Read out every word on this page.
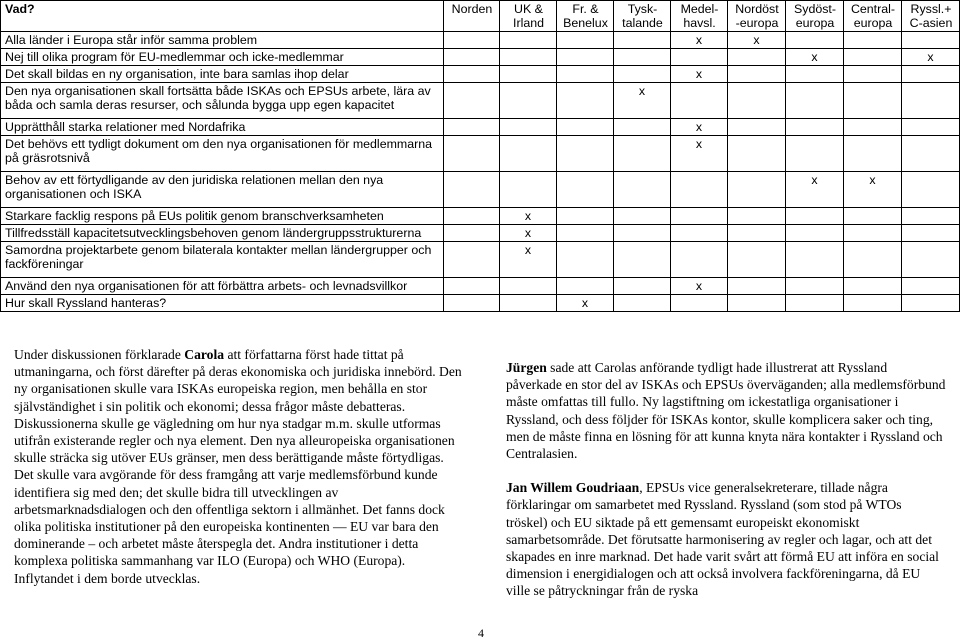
Vad?	Norden	UK & Irland	Fr. & Benelux	Tysk-talande	Medel-havsl.	Nordöst -europa	Sydöst-europa	Central-europa	Ryssl.+ C-asien
Alla länder i Europa står inför samma problem					x	x			
Nej till olika program för EU-medlemmar och icke-medlemmar							x		x
Det skall bildas en ny organisation, inte bara samlas ihop delar					x				
Den nya organisationen skall fortsätta både ISKAs och EPSUs arbete, lära av båda och samla deras resurser, och sålunda bygga upp egen kapacitet				x					
Upprätthåll starka relationer med Nordafrika					x				
Det behövs ett tydligt dokument om den nya organisationen för medlemmarna på gräsrotsnivå					x				
Behov av ett förtydligande av den juridiska relationen mellan den nya organisationen och ISKA							x	x	
Starkare facklig respons på EUs politik genom branschverksamheten		x							
Tillfredsställ kapacitetsutvecklingsbehoven genom ländergruppsstrukturerna		x							
Samordna projektarbete genom bilaterala kontakter mellan ländergrupper och fackföreningar		x							
Använd den nya organisationen för att förbättra arbets- och levnadsvillkor					x				
Hur skall Ryssland hanteras?			x						

Under diskussionen förklarade Carola att författarna först hade tittat på utmaningarna, och först därefter på deras ekonomiska och juridiska innebörd. Den ny organisationen skulle vara ISKAs europeiska region, men behålla en stor självständighet i sin politik och ekonomi; dessa frågor måste debatteras. Diskussionerna skulle ge vägledning om hur nya stadgar m.m. skulle utformas utifrån existerande regler och nya element. Den nya alleuropeiska organisationen skulle sträcka sig utöver EUs gränser, men dess berättigande måste förtydligas. Det skulle vara avgörande för dess framgång att varje medlemsförbund kunde identifiera sig med den; det skulle bidra till utvecklingen av arbetsmarknadsdialogen och den offentliga sektorn i allmänhet. Det fanns dock olika politiska institutioner på den europeiska kontinenten — EU var bara den dominerande – och arbetet måste återspegla det. Andra institutioner i detta komplexa politiska sammanhang var ILO (Europa) och WHO (Europa). Inflytandet i dem borde utvecklas.

Jürgen sade att Carolas anförande tydligt hade illustrerat att Ryssland påverkade en stor del av ISKAs och EPSUs överväganden; alla medlemsförbund måste omfattas till fullo. Ny lagstiftning om ickestatliga organisationer i Ryssland, och dess följder för ISKAs kontor, skulle komplicera saker och ting, men de måste finna en lösning för att kunna knyta nära kontakter i Ryssland och Centralasien.

Jan Willem Goudriaan, EPSUs vice generalsekreterare, tillade några förklaringar om samarbetet med Ryssland. Ryssland (som stod på WTOs tröskel) och EU siktade på ett gemensamt europeiskt ekonomiskt samarbetsområde. Det förutsatte harmonisering av regler och lagar, och att det skapades en inre marknad. Det hade varit svårt att förmå EU att införa en social dimension i energidialogen och att också involvera fackföreningarna, då EU ville se påtryckningar från de ryska

4
